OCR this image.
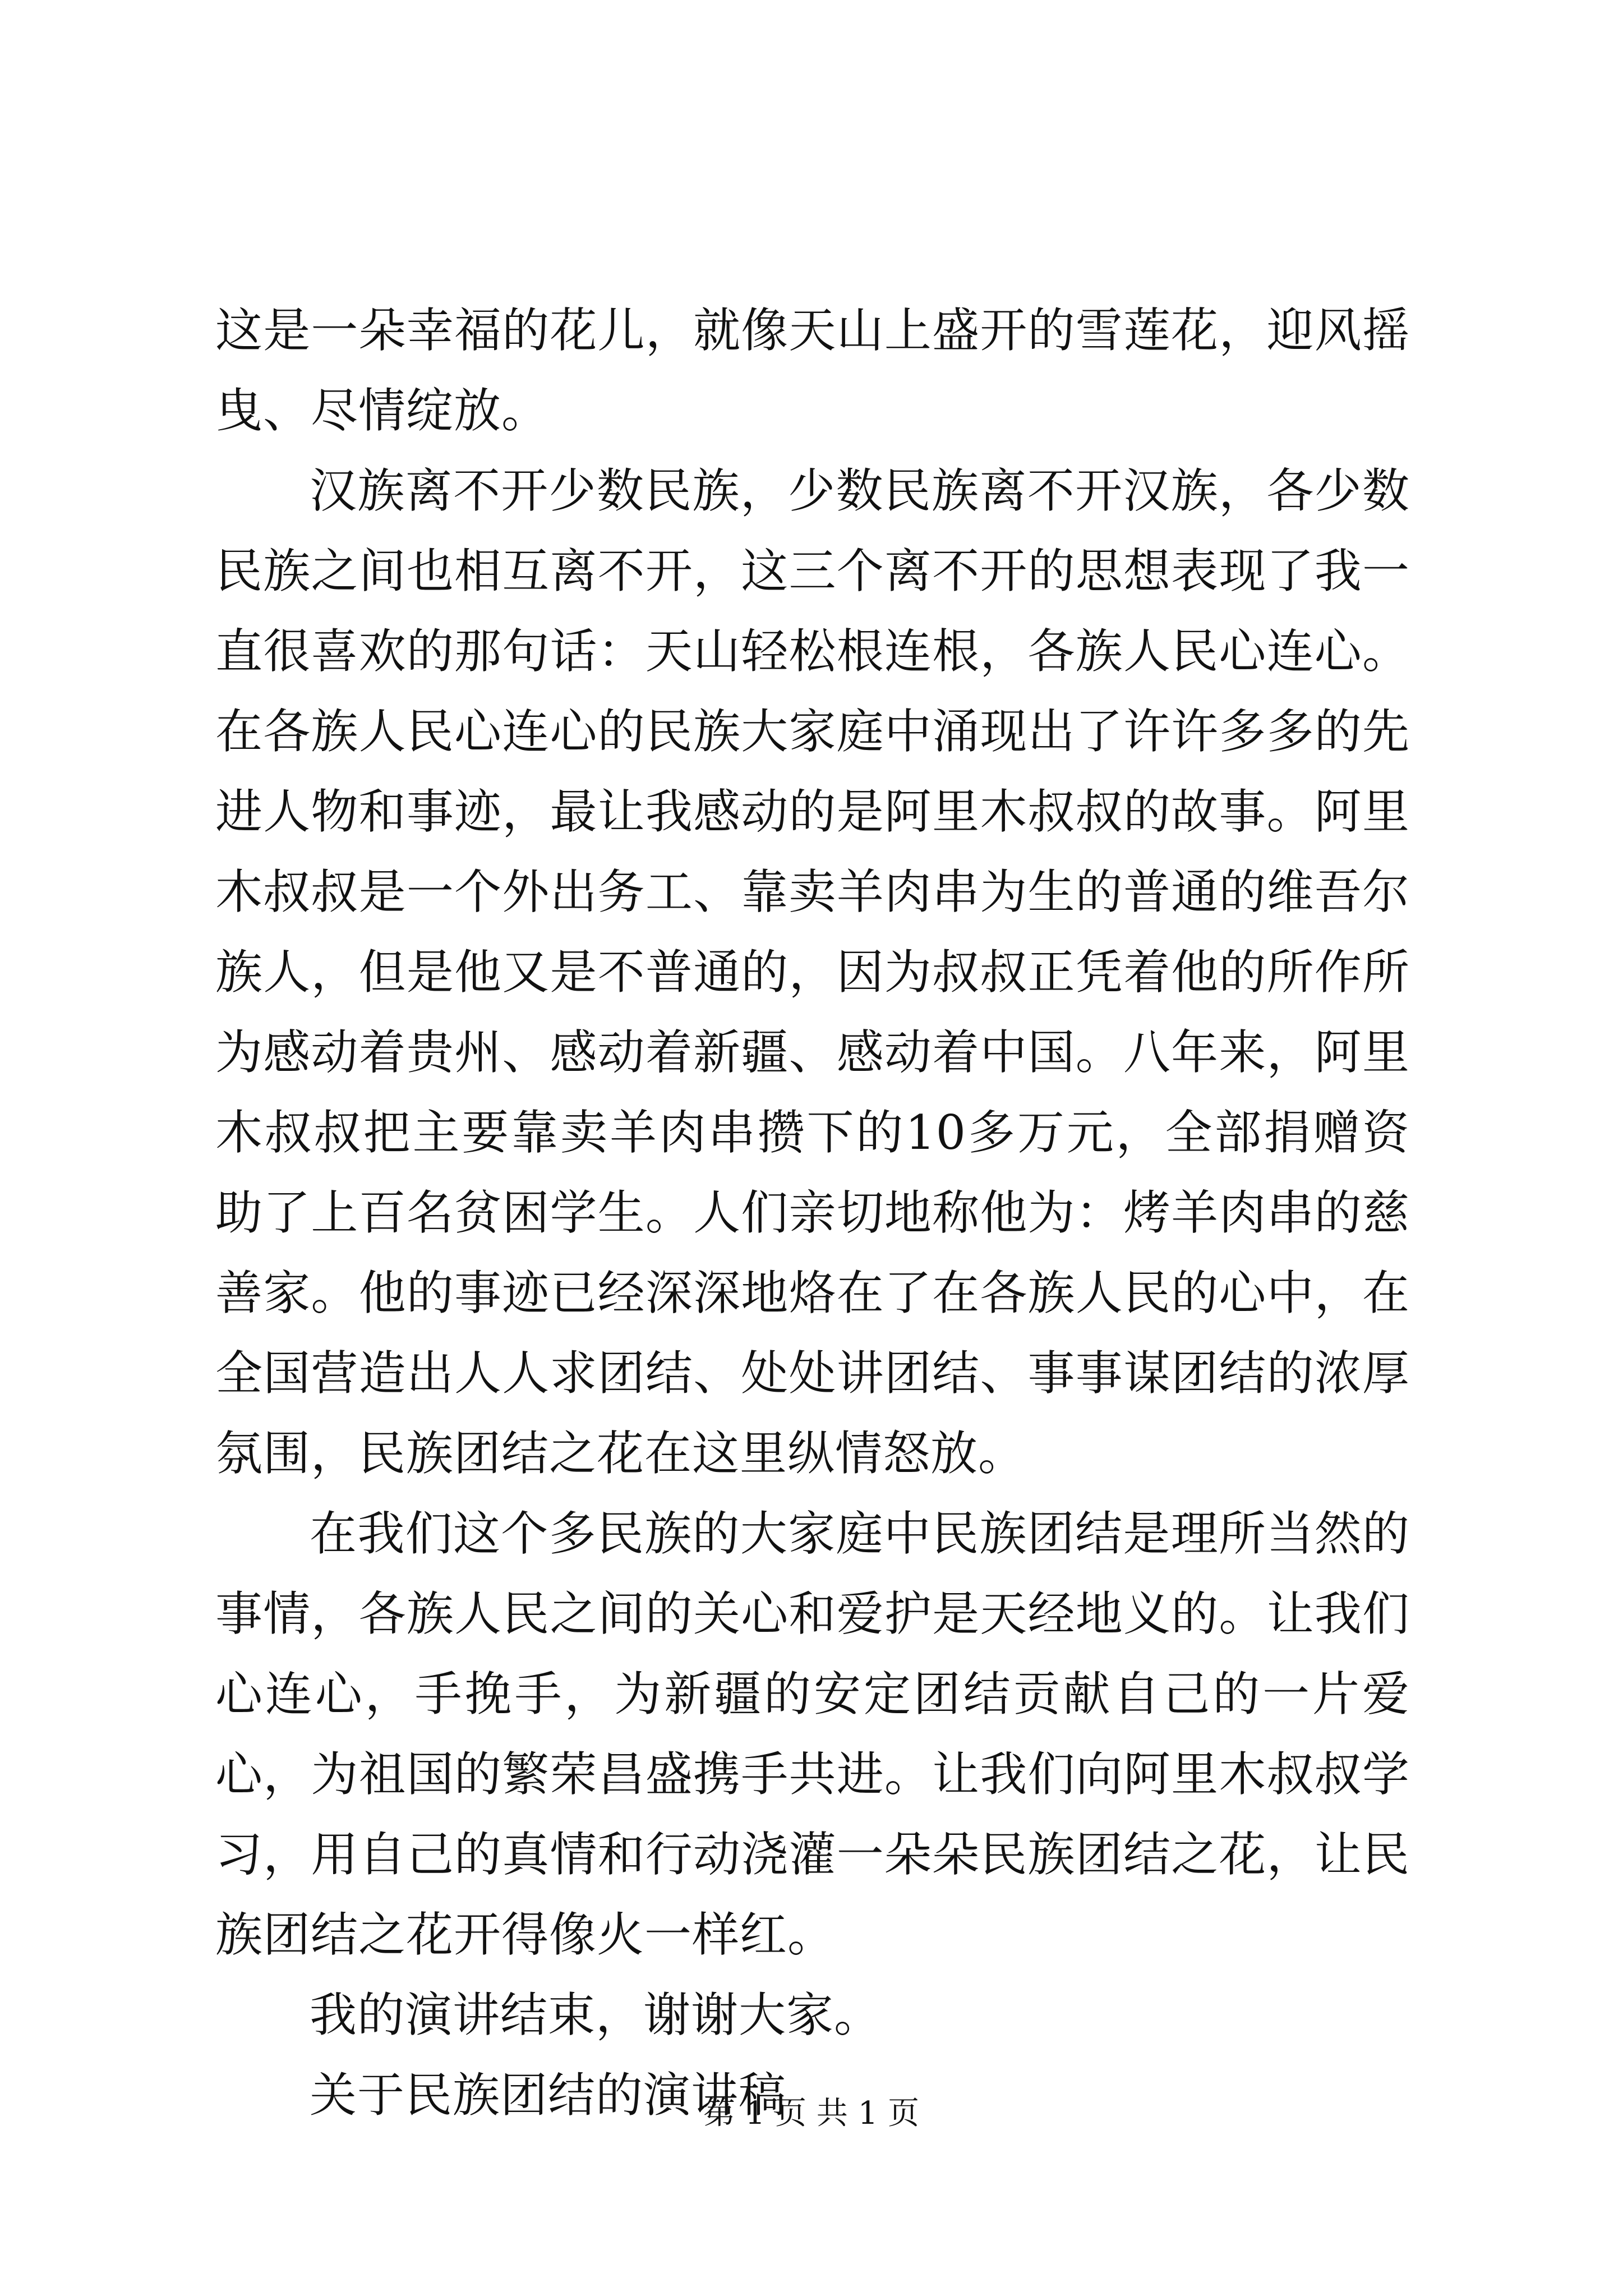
这是一朵幸福的花儿，就像天山上盛开的雪莲花，迎风摇曳、尽情绽放。

汉族离不开少数民族，少数民族离不开汉族，各少数民族之间也相互离不开，这三个离不开的思想表现了我一直很喜欢的那句话：天山轻松根连根，各族人民心连心。在各族人民心连心的民族大家庭中涌现出了许许多多的先进人物和事迹，最让我感动的是阿里木叔叔的故事。阿里木叔叔是一个外出务工、靠卖羊肉串为生的普通的维吾尔族人，但是他又是不普通的，因为叔叔正凭着他的所作所为感动着贵州、感动着新疆、感动着中国。八年来，阿里木叔叔把主要靠卖羊肉串攒下的10多万元，全部捐赠资助了上百名贫困学生。人们亲切地称他为：烤羊肉串的慈善家。他的事迹已经深深地烙在了在各族人民的心中，在全国营造出人人求团结、处处讲团结、事事谋团结的浓厚氛围，民族团结之花在这里纵情怒放。

在我们这个多民族的大家庭中民族团结是理所当然的事情，各族人民之间的关心和爱护是天经地义的。让我们心连心，手挽手，为新疆的安定团结贡献自己的一片爱心，为祖国的繁荣昌盛携手共进。让我们向阿里木叔叔学习，用自己的真情和行动浇灌一朵朵民族团结之花，让民族团结之花开得像火一样红。

我的演讲结束，谢谢大家。

关于民族团结的演讲稿

第 1 页 共 1 页
